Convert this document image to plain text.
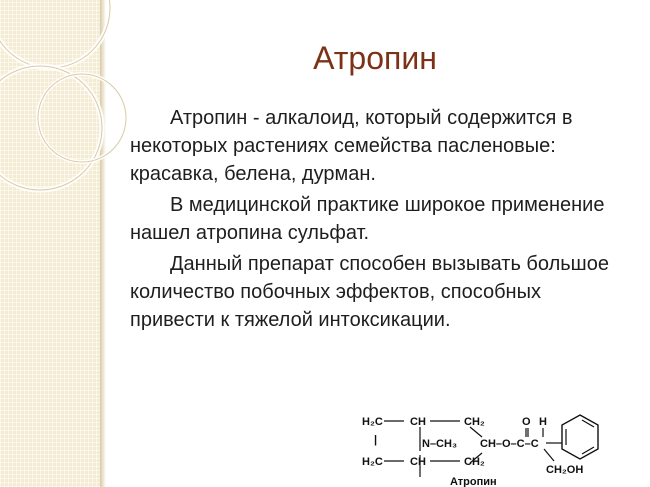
Атропин

Атропин - алкалоид, который содержится в некоторых растениях семейства пасленовые: красавка, белена, дурман.

В медицинской практике широкое применение нашел атропина сульфат.

Данный препарат способен вызывать большое количество побочных эффектов, способных привести к тяжелой интоксикации.

H₂C CH	CH₂	O H
|	N–CH₃ CH–O–C–C
H₂C CH	CH₂
CH₂OH
Атропин
